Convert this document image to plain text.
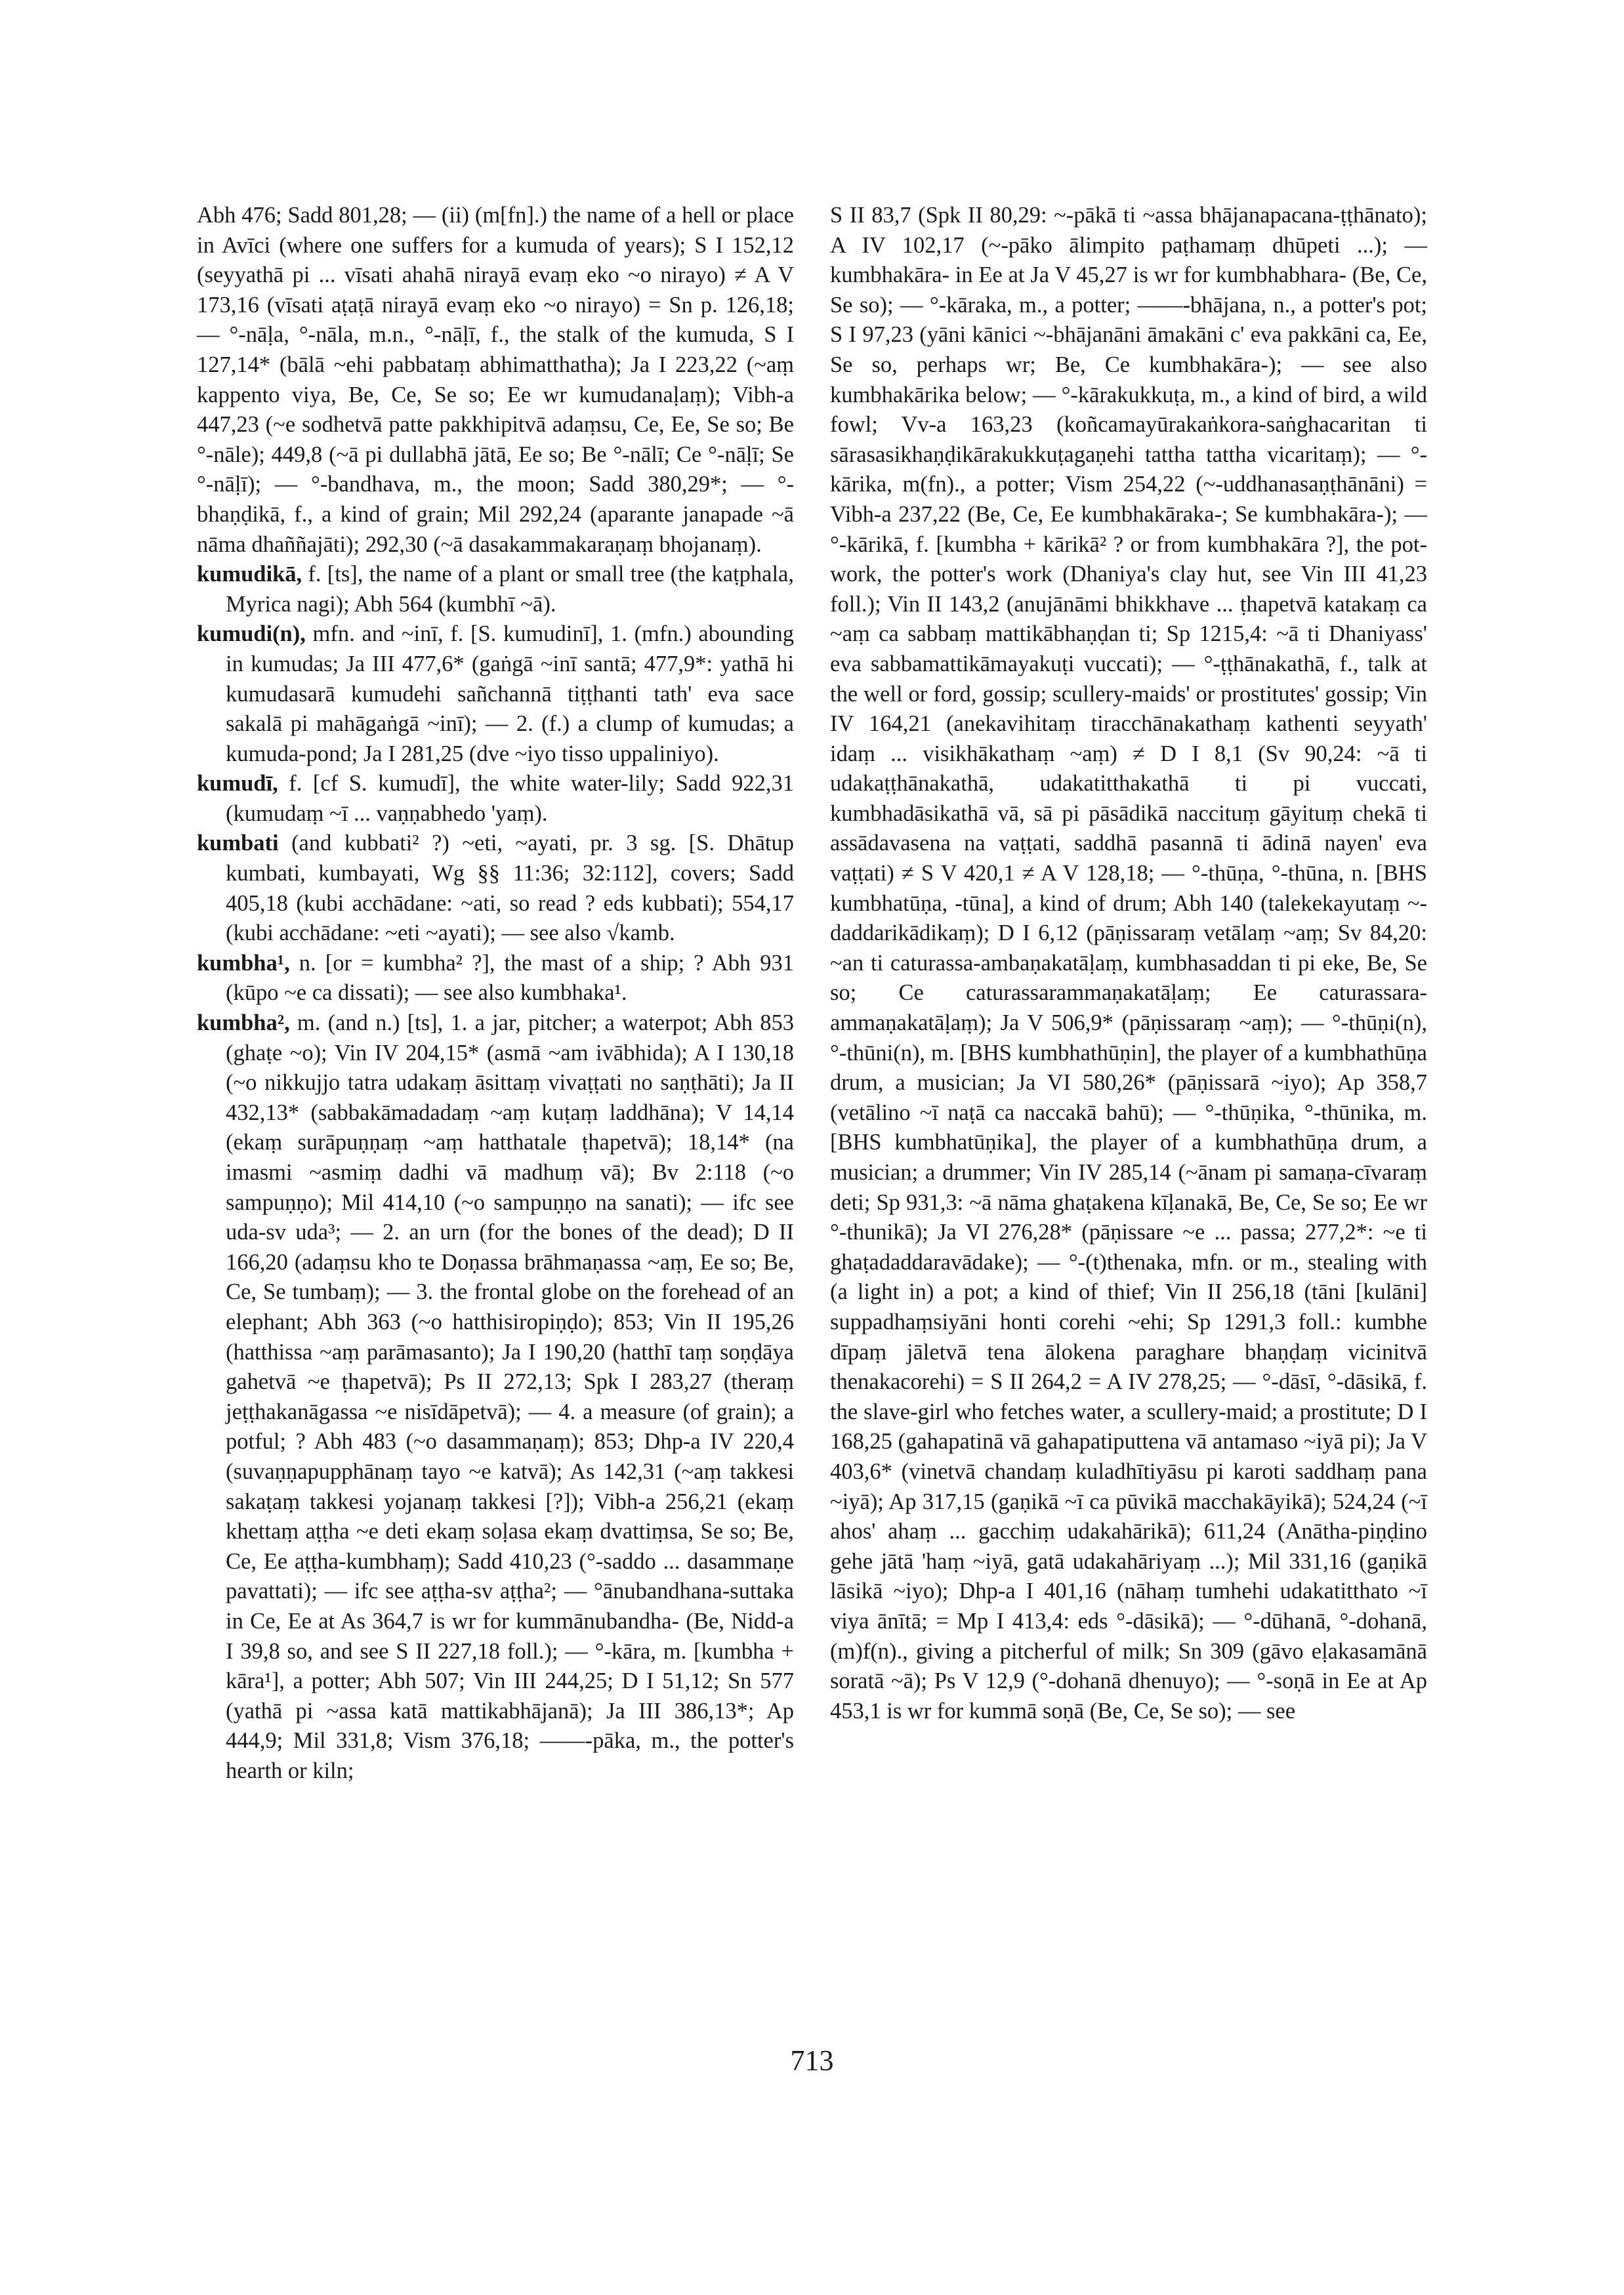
Abh 476; Sadd 801,28; — (ii) (m[fn].) the name of a hell or place in Avīci (where one suffers for a kumuda of years); S I 152,12 (seyyathā pi ... vīsati ahahā nirayā evaṃ eko ~o nirayo) ≠ A V 173,16 (vīsati aṭaṭā nirayā evaṃ eko ~o nirayo) = Sn p. 126,18; — °-nāḷa, °-nāla, m.n., °-nāḷī, f., the stalk of the kumuda, S I 127,14* (bālā ~ehi pabbataṃ abhimatthatha); Ja I 223,22 (~aṃ kappento viya, Be, Ce, Se so; Ee wr kumudanaḷaṃ); Vibh-a 447,23 (~e sodhetvā patte pakkhipitvā adaṃsu, Ce, Ee, Se so; Be °-nāle); 449,8 (~ā pi dullabhā jātā, Ee so; Be °-nālī; Ce °-nāḷī; Se °-nāḷī); — °-bandhava, m., the moon; Sadd 380,29*; — °-bhaṇḍikā, f., a kind of grain; Mil 292,24 (aparante janapade ~ā nāma dhaññajāti); 292,30 (~ā dasakammakaraṇaṃ bhojanaṃ).

kumudikā, f. [ts], the name of a plant or small tree (the kaṭphala, Myrica nagi); Abh 564 (kumbhī ~ā).

kumudi(n), mfn. and ~inī, f. [S. kumudinī], 1. (mfn.) abounding in kumudas; Ja III 477,6* (gaṅgā ~inī santā; 477,9*: yathā hi kumudasarā kumudehi sañchannā tiṭṭhanti tath' eva sace sakalā pi mahāgaṅgā ~inī); — 2. (f.) a clump of kumudas; a kumuda-pond; Ja I 281,25 (dve ~iyo tisso uppaliniyo).

kumudī, f. [cf S. kumudī], the white water-lily; Sadd 922,31 (kumudaṃ ~ī ... vaṇṇabhedo 'yaṃ).

kumbati (and kubbati² ?) ~eti, ~ayati, pr. 3 sg. [S. Dhātup kumbati, kumbayati, Wg §§ 11:36; 32:112], covers; Sadd 405,18 (kubi acchādane: ~ati, so read ? eds kubbati); 554,17 (kubi acchādane: ~eti ~ayati); — see also √kamb.

kumbha¹, n. [or = kumbha² ?], the mast of a ship; ? Abh 931 (kūpo ~e ca dissati); — see also kumbhaka¹.

kumbha², m. (and n.) [ts], 1. a jar, pitcher; a waterpot; Abh 853 (ghaṭe ~o); Vin IV 204,15* (asmā ~am ivābhida); A I 130,18 (~o nikkujjo tatra udakaṃ āsittaṃ vivaṭṭati no saṇṭhāti); Ja II 432,13* (sabbakāmadadaṃ ~aṃ kuṭaṃ laddhāna); V 14,14 (ekaṃ surāpuṇṇaṃ ~aṃ hatthatale ṭhapetvā); 18,14* (na imasmi ~asmiṃ dadhi vā madhuṃ vā); Bv 2:118 (~o sampuṇṇo); Mil 414,10 (~o sampuṇṇo na sanati); — ifc see uda-sv uda³; — 2. an urn (for the bones of the dead); D II 166,20 (adaṃsu kho te Doṇassa brāhmaṇassa ~aṃ, Ee so; Be, Ce, Se tumbaṃ); — 3. the frontal globe on the forehead of an elephant; Abh 363 (~o hatthisiropiṇḍo); 853; Vin II 195,26 (hatthissa ~aṃ parāmasanto); Ja I 190,20 (hatthī taṃ soṇḍāya gahetvā ~e ṭhapetvā); Ps II 272,13; Spk I 283,27 (theraṃ jeṭṭhakanāgassa ~e nisīdāpetvā); — 4. a measure (of grain); a potful; ? Abh 483 (~o dasammaṇaṃ); 853; Dhp-a IV 220,4 (suvaṇṇapupphānaṃ tayo ~e katvā); As 142,31 (~aṃ takkesi sakaṭaṃ takkesi yojanaṃ takkesi [?]); Vibh-a 256,21 (ekaṃ khettaṃ aṭṭha ~e deti ekaṃ soḷasa ekaṃ dvattiṃsa, Se so; Be, Ce, Ee aṭṭha-kumbhaṃ); Sadd 410,23 (°-saddo ... dasammaṇe pavattati); — ifc see aṭṭha-sv aṭṭha²; — °ānubandhana-suttaka in Ce, Ee at As 364,7 is wr for kummānubandha- (Be, Nidd-a I 39,8 so, and see S II 227,18 foll.); — °-kāra, m. [kumbha + kāra¹], a potter; Abh 507; Vin III 244,25; D I 51,12; Sn 577 (yathā pi ~assa katā mattikabhājanā); Ja III 386,13*; Ap 444,9; Mil 331,8; Vism 376,18; ——-pāka, m., the potter's hearth or kiln;

S II 83,7 (Spk II 80,29: ~-pākā ti ~assa bhājanapacana-ṭṭhānato); A IV 102,17 (~-pāko ālimpito paṭhamaṃ dhūpeti ...); — kumbhakāra- in Ee at Ja V 45,27 is wr for kumbhabhara- (Be, Ce, Se so); — °-kāraka, m., a potter; ——-bhājana, n., a potter's pot; S I 97,23 (yāni kānici ~-bhājanāni āmakāni c' eva pakkāni ca, Ee, Se so, perhaps wr; Be, Ce kumbhakāra-); — see also kumbhakārika below; — °-kārakukkuṭa, m., a kind of bird, a wild fowl; Vv-a 163,23 (koñcamayūrakaṅkora-saṅghacaritan ti sārasasikhaṇḍikārakukkuṭagaṇehi tattha tattha vicaritaṃ); — °-kārika, m(fn)., a potter; Vism 254,22 (~-uddhanasaṇṭhānāni) = Vibh-a 237,22 (Be, Ce, Ee kumbhakāraka-; Se kumbhakāra-); — °-kārikā, f. [kumbha + kārikā² ? or from kumbhakāra ?], the pot-work, the potter's work (Dhaniya's clay hut, see Vin III 41,23 foll.); Vin II 143,2 (anujānāmi bhikkhave ... ṭhapetvā katakaṃ ca ~aṃ ca sabbaṃ mattikābhaṇḍan ti; Sp 1215,4: ~ā ti Dhaniyass' eva sabbamattikāmayakuṭi vuccati); — °-ṭṭhānakathā, f., talk at the well or ford, gossip; scullery-maids' or prostitutes' gossip; Vin IV 164,21 (anekavihitaṃ tiracchānakathaṃ kathenti seyyath' idaṃ ... visikhākathaṃ ~aṃ) ≠ D I 8,1 (Sv 90,24: ~ā ti udakaṭṭhānakathā, udakatitthakathā ti pi vuccati, kumbhadāsikathā vā, sā pi pāsādikā naccituṃ gāyituṃ chekā ti assādavasena na vaṭṭati, saddhā pasannā ti ādinā nayen' eva vaṭṭati) ≠ S V 420,1 ≠ A V 128,18; — °-thūṇa, °-thūna, n. [BHS kumbhatūṇa, -tūna], a kind of drum; Abh 140 (talekekayutaṃ ~-daddarikādikaṃ); D I 6,12 (pāṇissaraṃ vetālaṃ ~aṃ; Sv 84,20: ~an ti caturassa-ambaṇakatāḷaṃ, kumbhasaddan ti pi eke, Be, Se so; Ce caturassarammaṇakatāḷaṃ; Ee caturassara-ammaṇakatāḷaṃ); Ja V 506,9* (pāṇissaraṃ ~aṃ); — °-thūṇi(n), °-thūni(n), m. [BHS kumbhathūṇin], the player of a kumbhathūṇa drum, a musician; Ja VI 580,26* (pāṇissarā ~iyo); Ap 358,7 (vetālino ~ī naṭā ca naccakā bahū); — °-thūṇika, °-thūnika, m. [BHS kumbhatūṇika], the player of a kumbhathūṇa drum, a musician; a drummer; Vin IV 285,14 (~ānam pi samaṇa-cīvaraṃ deti; Sp 931,3: ~ā nāma ghaṭakena kīḷanakā, Be, Ce, Se so; Ee wr °-thunikā); Ja VI 276,28* (pāṇissare ~e ... passa; 277,2*: ~e ti ghaṭadaddaravādake); — °-(t)thenaka, mfn. or m., stealing with (a light in) a pot; a kind of thief; Vin II 256,18 (tāni [kulāni] suppadhaṃsiyāni honti corehi ~ehi; Sp 1291,3 foll.: kumbhe dīpaṃ jāletvā tena ālokena paraghare bhaṇḍaṃ vicinitvā thenakacorehi) = S II 264,2 = A IV 278,25; — °-dāsī, °-dāsikā, f. the slave-girl who fetches water, a scullery-maid; a prostitute; D I 168,25 (gahapatinā vā gahapatiputtena vā antamaso ~iyā pi); Ja V 403,6* (vinetvā chandaṃ kuladhītiyāsu pi karoti saddhaṃ pana ~iyā); Ap 317,15 (gaṇikā ~ī ca pūvikā macchakāyikā); 524,24 (~ī ahos' ahaṃ ... gacchiṃ udakahārikā); 611,24 (Anātha-piṇḍino gehe jātā 'haṃ ~iyā, gatā udakahāriyaṃ ...); Mil 331,16 (gaṇikā lāsikā ~iyo); Dhp-a I 401,16 (nāhaṃ tumhehi udakatitthato ~ī viya ānītā; = Mp I 413,4: eds °-dāsikā); — °-dūhanā, °-dohanā, (m)f(n)., giving a pitcherful of milk; Sn 309 (gāvo eḷakasamānā soratā ~ā); Ps V 12,9 (°-dohanā dhenuyo); — °-soṇā in Ee at Ap 453,1 is wr for kummā soṇā (Be, Ce, Se so); — see

713
